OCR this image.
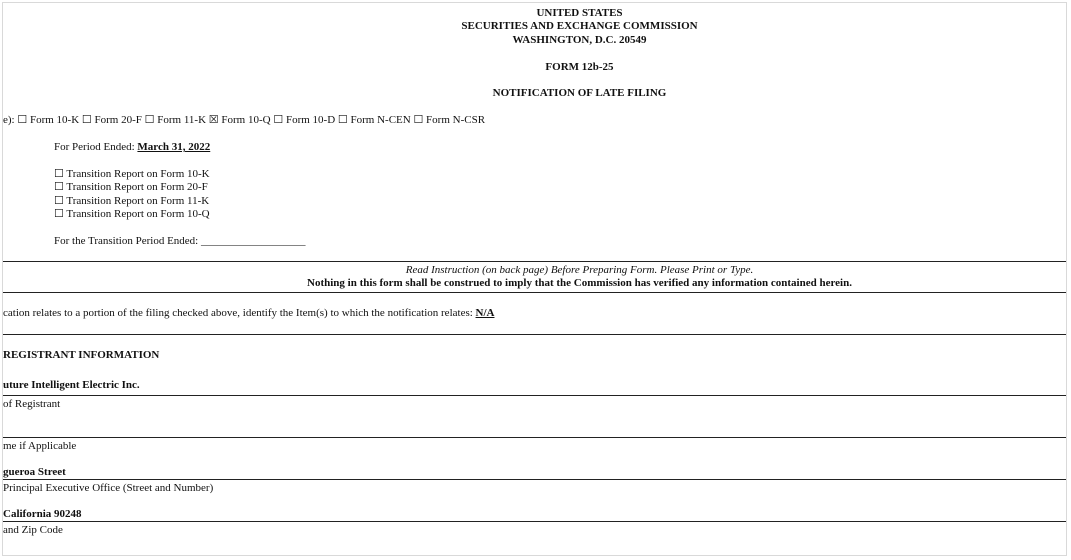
UNITED STATES
SECURITIES AND EXCHANGE COMMISSION
WASHINGTON, D.C. 20549
FORM 12b-25
NOTIFICATION OF LATE FILING
e): ☐ Form 10-K ☐ Form 20-F ☐ Form 11-K ☒ Form 10-Q ☐ Form 10-D ☐ Form N-CEN ☐ Form N-CSR
For Period Ended: March 31, 2022
☐ Transition Report on Form 10-K
☐ Transition Report on Form 20-F
☐ Transition Report on Form 11-K
☐ Transition Report on Form 10-Q
For the Transition Period Ended: ___________________
Read Instruction (on back page) Before Preparing Form. Please Print or Type.
Nothing in this form shall be construed to imply that the Commission has verified any information contained herein.
cation relates to a portion of the filing checked above, identify the Item(s) to which the notification relates: N/A
REGISTRANT INFORMATION
uture Intelligent Electric Inc.
of Registrant
me if Applicable
gueroa Street
Principal Executive Office (Street and Number)
California 90248
and Zip Code
